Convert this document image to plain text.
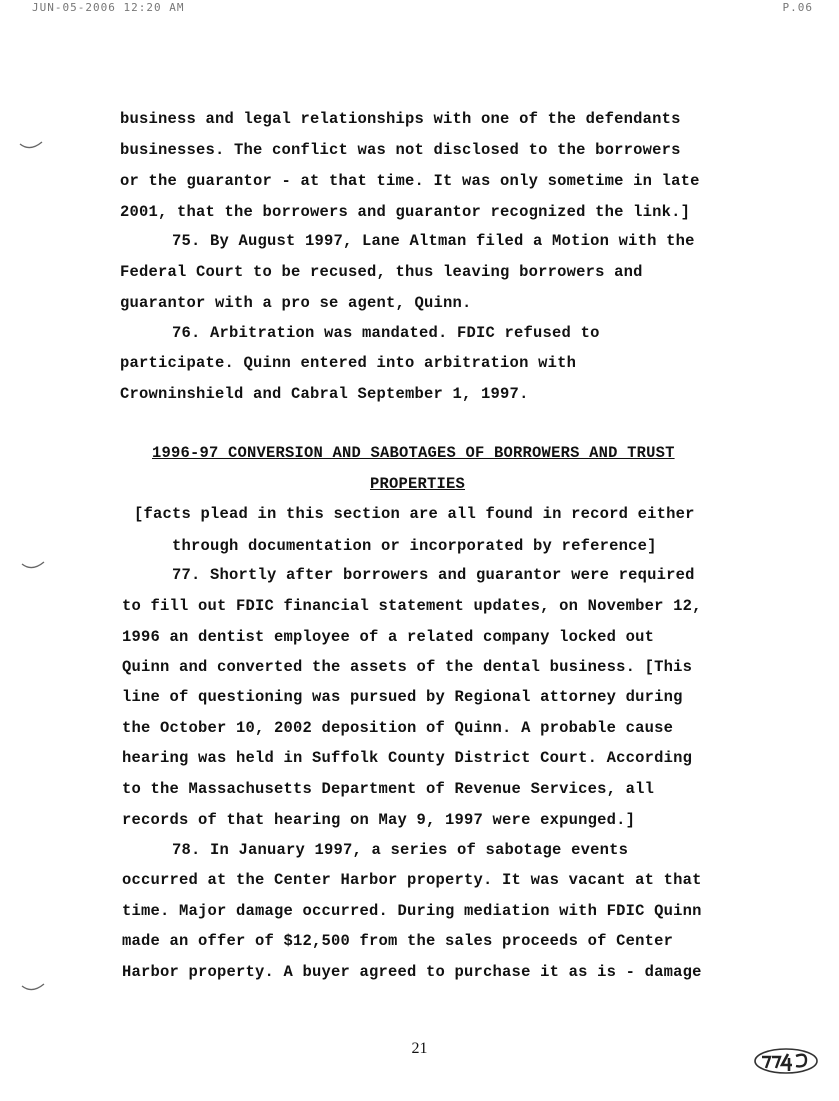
JUN-05-2006 12:20 AM	P.06
business and legal relationships with one of the defendants
businesses. The conflict was not disclosed to the borrowers
or the guarantor - at that time. It was only sometime in late
2001, that the borrowers and guarantor recognized the link.]
75. By August 1997, Lane Altman filed a Motion with the
Federal Court to be recused, thus leaving borrowers and
guarantor with a pro se agent, Quinn.
76. Arbitration was mandated. FDIC refused to
participate. Quinn entered into arbitration with
Crowninshield and Cabral September 1, 1997.
1996-97 CONVERSION AND SABOTAGES OF BORROWERS AND TRUST
PROPERTIES
[facts plead in this section are all found in record either
through documentation or incorporated by reference]
77. Shortly after borrowers and guarantor were required
to fill out FDIC financial statement updates, on November 12,
1996 an dentist employee of a related company locked out
Quinn and converted the assets of the dental business. [This
line of questioning was pursued by Regional attorney during
the October 10, 2002 deposition of Quinn. A probable cause
hearing was held in Suffolk County District Court. According
to the Massachusetts Department of Revenue Services, all
records of that hearing on May 9, 1997 were expunged.]
78. In January 1997, a series of sabotage events
occurred at the Center Harbor property. It was vacant at that
time. Major damage occurred. During mediation with FDIC Quinn
made an offer of $12,500 from the sales proceeds of Center
Harbor property. A buyer agreed to purchase it as is - damage
21
